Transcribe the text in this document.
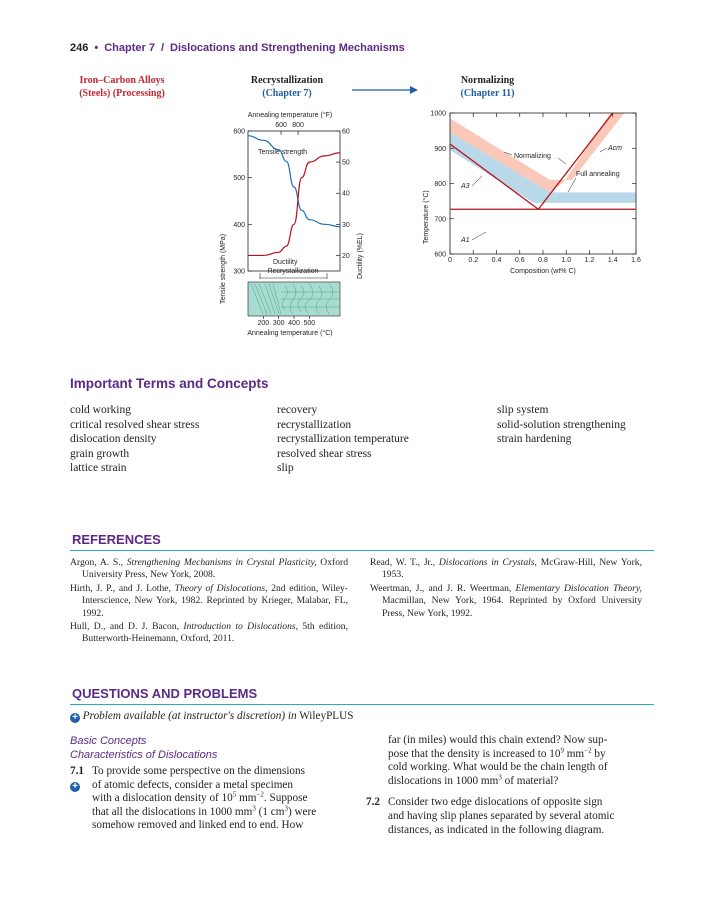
246 • Chapter 7 / Dislocations and Strengthening Mechanisms
Iron–Carbon Alloys
(Steels) (Processing)
Recrystallization
(Chapter 7)
Normalizing
(Chapter 11)
Annealing temperature (°F)
600 800
300
400
500
600
20
30
40
50
60
Tensile strength (MPa)	Ductility (%EL)
Tensile strength
Ductility
Recrystallization
200 300 400 500
Annealing temperature (°C)
600
700
800
900
1000
0 0.2 0.4 0.6 0.8 1.0 1.2 1.4 1.6
Composition (wt% C)
Temperature (°C)
Normalizing
Full annealing
Acm
A3
A1
Important Terms and Concepts
cold working
critical resolved shear stress
dislocation density
grain growth
lattice strain
recovery
recrystallization
recrystallization temperature
resolved shear stress
slip
slip system
solid-solution strengthening
strain hardening
REFERENCES
Argon, A. S., Strengthening Mechanisms in Crystal Plasticity, Oxford University Press, New York, 2008.
Hirth, J. P., and J. Lothe, Theory of Dislocations, 2nd edition, Wiley-Interscience, New York, 1982. Reprinted by Krieger, Malabar, FL, 1992.
Hull, D., and D. J. Bacon, Introduction to Dislocations, 5th edition, Butterworth-Heinemann, Oxford, 2011.
Read, W. T., Jr., Dislocations in Crystals, McGraw-Hill, New York, 1953.
Weertman, J., and J. R. Weertman, Elementary Dislocation Theory, Macmillan, New York, 1964. Reprinted by Oxford University Press, New York, 1992.
QUESTIONS AND PROBLEMS
+ Problem available (at instructor's discretion) in WileyPLUS
Basic Concepts
Characteristics of Dislocations
7.1 To provide some perspective on the dimensions
+ of atomic defects, consider a metal specimen
with a dislocation density of $10^5$ $mm^{-2}$. Suppose
that all the dislocations in 1000 $mm^3$ (1 $cm^3$) were
somehow removed and linked end to end. How
far (in miles) would this chain extend? Now sup-
pose that the density is increased to $10^9$ $mm^{-2}$ by
cold working. What would be the chain length of
dislocations in 1000 $mm^3$ of material?
7.2 Consider two edge dislocations of opposite sign
and having slip planes separated by several atomic
distances, as indicated in the following diagram.
